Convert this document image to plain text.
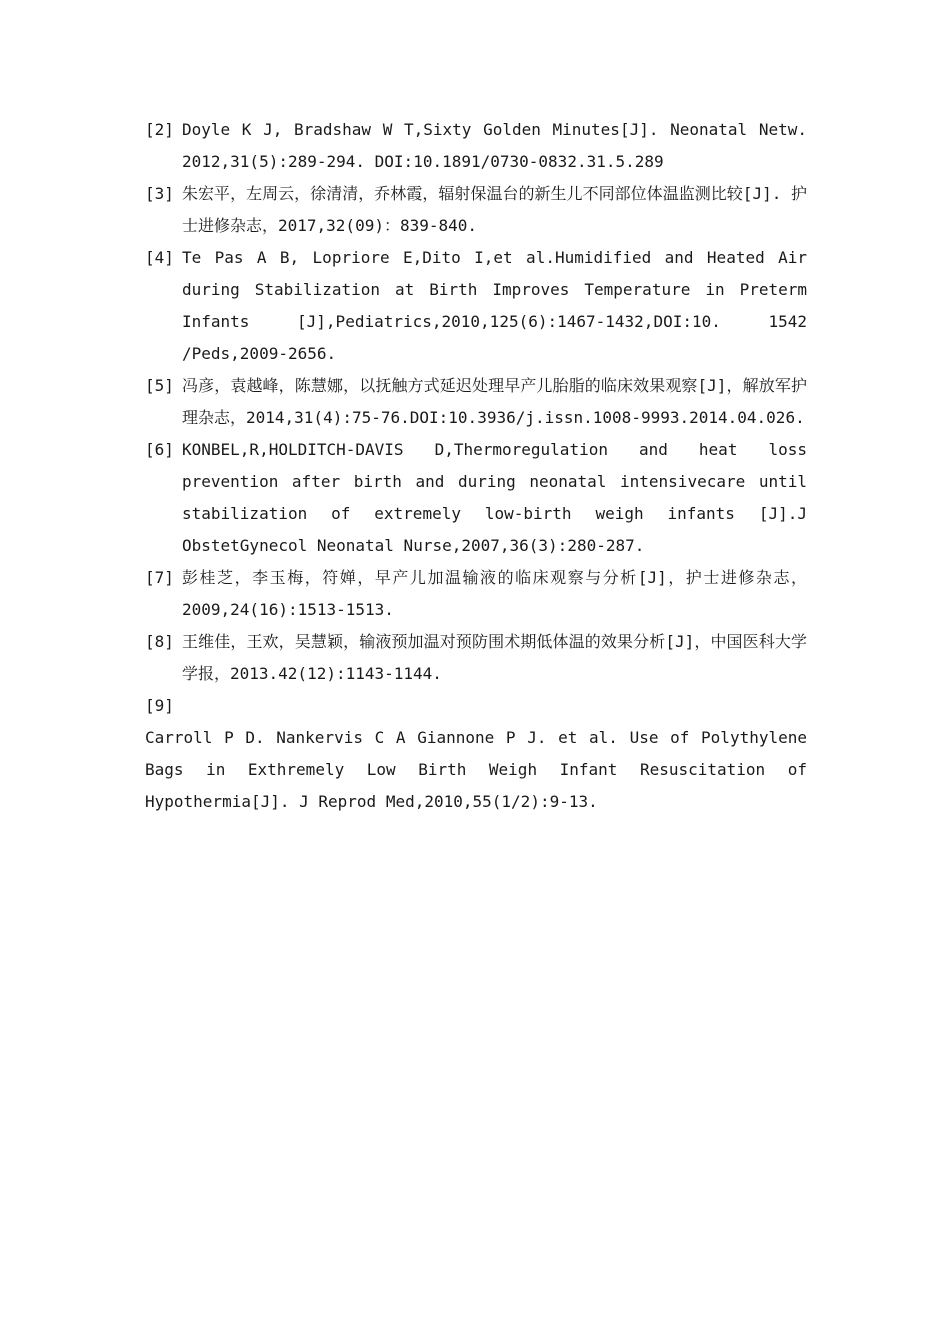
[2] Doyle K J, Bradshaw W T,Sixty Golden Minutes[J]. Neonatal Netw. 2012,31(5):289-294. DOI:10.1891/0730-0832.31.5.289
[3] 朱宏平，左周云，徐清清，乔林霞，辐射保温台的新生儿不同部位体温监测比较[J]. 护士进修杂志，2017,32(09)：839-840.
[4] Te Pas A B, Lopriore E,Dito I,et al.Humidified and Heated Air during Stabilization at Birth Improves Temperature in Preterm Infants [J],Pediatrics,2010,125(6):1467-1432,DOI:10. 1542 /Peds,2009-2656.
[5] 冯彦，袁越峰，陈慧娜，以抚触方式延迟处理早产儿胎脂的临床效果观察[J]，解放军护理杂志，2014,31(4):75-76.DOI:10.3936/j.issn.1008-9993.2014.04.026.
[6] KONBEL,R,HOLDITCH-DAVIS D,Thermoregulation and heat loss prevention after birth and during neonatal intensivecare until stabilization of extremely low-birth weigh infants [J].J ObstetGynecol Neonatal Nurse,2007,36(3):280-287.
[7] 彭桂芝，李玉梅，符婵，早产儿加温输液的临床观察与分析[J]，护士进修杂志，2009,24(16):1513-1513.
[8] 王维佳，王欢，吴慧颖，输液预加温对预防围术期低体温的效果分析[J]，中国医科大学学报，2013.42(12):1143-1144.
[9]
Carroll P D. Nankervis C A Giannone P J. et al. Use of Polythylene Bags in Exthremely Low Birth Weigh Infant Resuscitation of Hypothermia[J]. J Reprod Med,2010,55(1/2):9-13.
